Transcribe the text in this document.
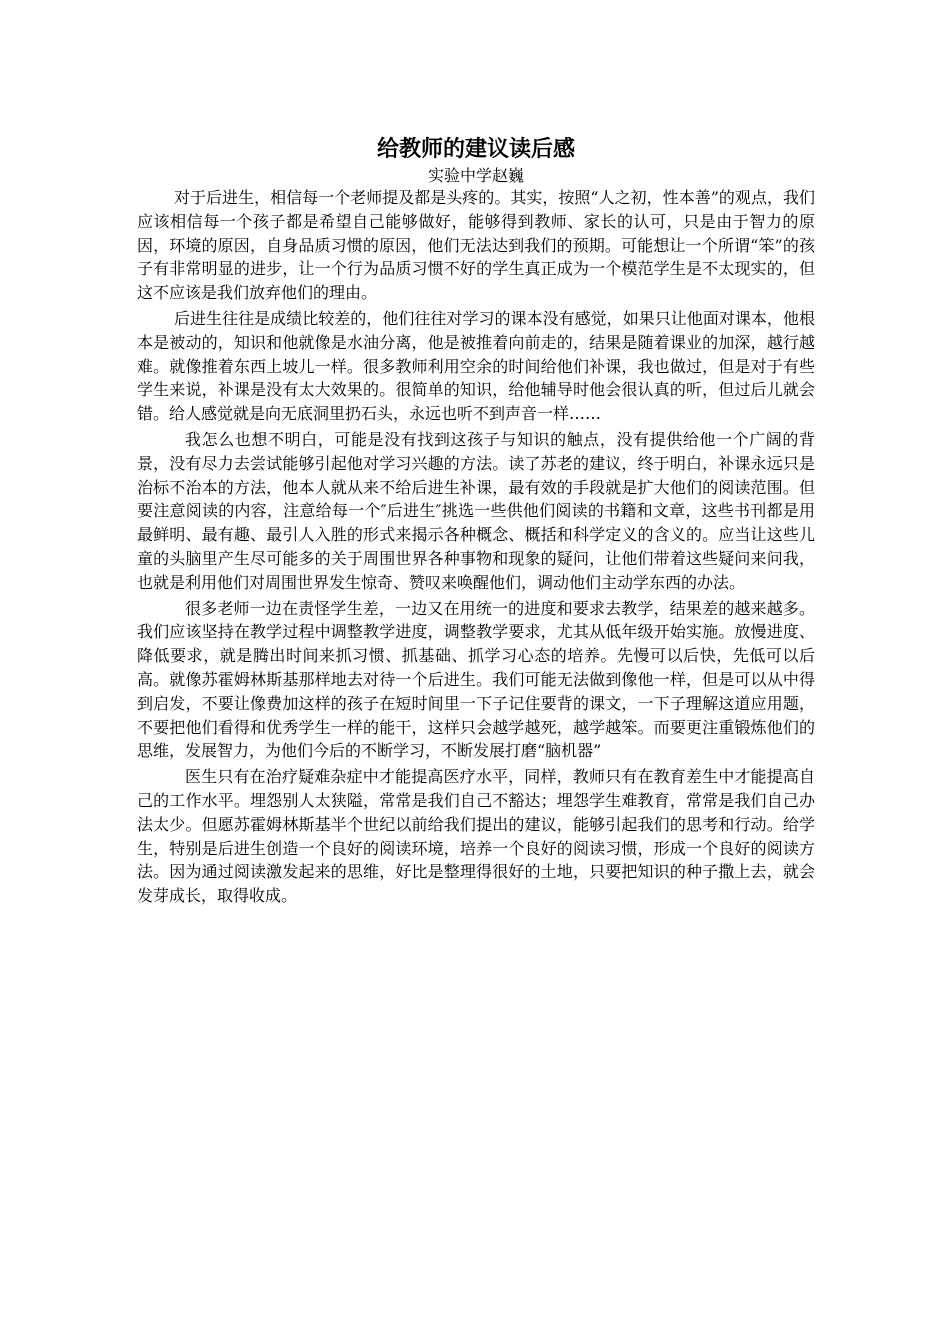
给教师的建议读后感
实验中学赵巍

对于后进生，相信每一个老师提及都是头疼的。其实，按照“人之初，性本善”的观点，我们应该相信每一个孩子都是希望自己能够做好，能够得到教师、家长的认可，只是由于智力的原因，环境的原因，自身品质习惯的原因，他们无法达到我们的预期。可能想让一个所谓“笨”的孩子有非常明显的进步，让一个行为品质习惯不好的学生真正成为一个模范学生是不太现实的，但这不应该是我们放弃他们的理由。

后进生往往是成绩比较差的，他们往往对学习的课本没有感觉，如果只让他面对课本，他根本是被动的，知识和他就像是水油分离，他是被推着向前走的，结果是随着课业的加深，越行越难。就像推着东西上坡儿一样。很多教师利用空余的时间给他们补课，我也做过，但是对于有些学生来说，补课是没有太大效果的。很简单的知识，给他辅导时他会很认真的听，但过后儿就会错。给人感觉就是向无底洞里扔石头，永远也听不到声音一样……

我怎么也想不明白，可能是没有找到这孩子与知识的触点，没有提供给他一个广阔的背景，没有尽力去尝试能够引起他对学习兴趣的方法。读了苏老的建议，终于明白，补课永远只是治标不治本的方法，他本人就从来不给后进生补课，最有效的手段就是扩大他们的阅读范围。但要注意阅读的内容，注意给每一个″后进生″挑选一些供他们阅读的书籍和文章，这些书刊都是用最鲜明、最有趣、最引人入胜的形式来揭示各种概念、概括和科学定义的含义的。应当让这些儿童的头脑里产生尽可能多的关于周围世界各种事物和现象的疑问，让他们带着这些疑问来问我，也就是利用他们对周围世界发生惊奇、赞叹来唤醒他们，调动他们主动学东西的办法。

很多老师一边在责怪学生差，一边又在用统一的进度和要求去教学，结果差的越来越多。我们应该坚持在教学过程中调整教学进度，调整教学要求，尤其从低年级开始实施。放慢进度、降低要求，就是腾出时间来抓习惯、抓基础、抓学习心态的培养。先慢可以后快，先低可以后高。就像苏霍姆林斯基那样地去对待一个后进生。我们可能无法做到像他一样，但是可以从中得到启发，不要让像费加这样的孩子在短时间里一下子记住要背的课文，一下子理解这道应用题，不要把他们看得和优秀学生一样的能干，这样只会越学越死，越学越笨。而要更注重锻炼他们的思维，发展智力，为他们今后的不断学习，不断发展打磨“脑机器”

医生只有在治疗疑难杂症中才能提高医疗水平，同样，教师只有在教育差生中才能提高自己的工作水平。埋怨别人太狭隘，常常是我们自己不豁达；埋怨学生难教育，常常是我们自己办法太少。但愿苏霍姆林斯基半个世纪以前给我们提出的建议，能够引起我们的思考和行动。给学生，特别是后进生创造一个良好的阅读环境，培养一个良好的阅读习惯，形成一个良好的阅读方法。因为通过阅读激发起来的思维，好比是整理得很好的土地，只要把知识的种子撒上去，就会发芽成长，取得收成。
